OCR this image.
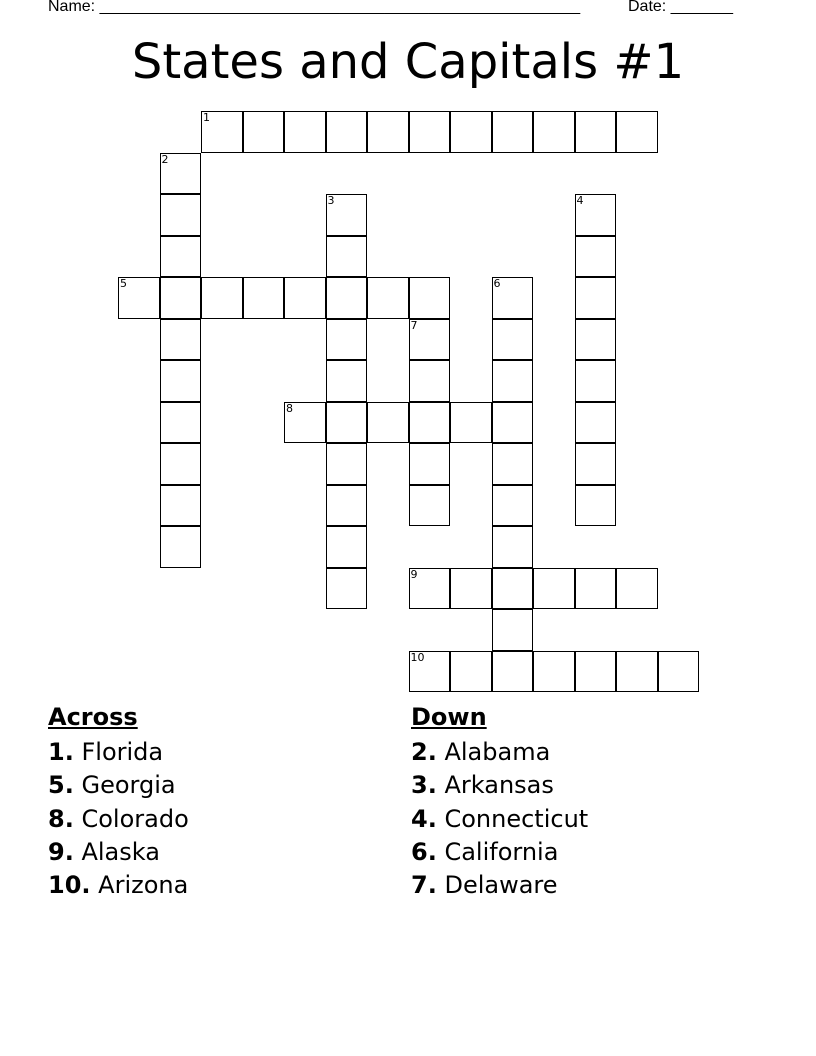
Name: ______________________________________________________	Date: _______
States and Capitals #1
1
2
3	4
5	6
7
8
9
10
Across
1. Florida
5. Georgia
8. Colorado
9. Alaska
10. Arizona
Down
2. Alabama
3. Arkansas
4. Connecticut
6. California
7. Delaware
